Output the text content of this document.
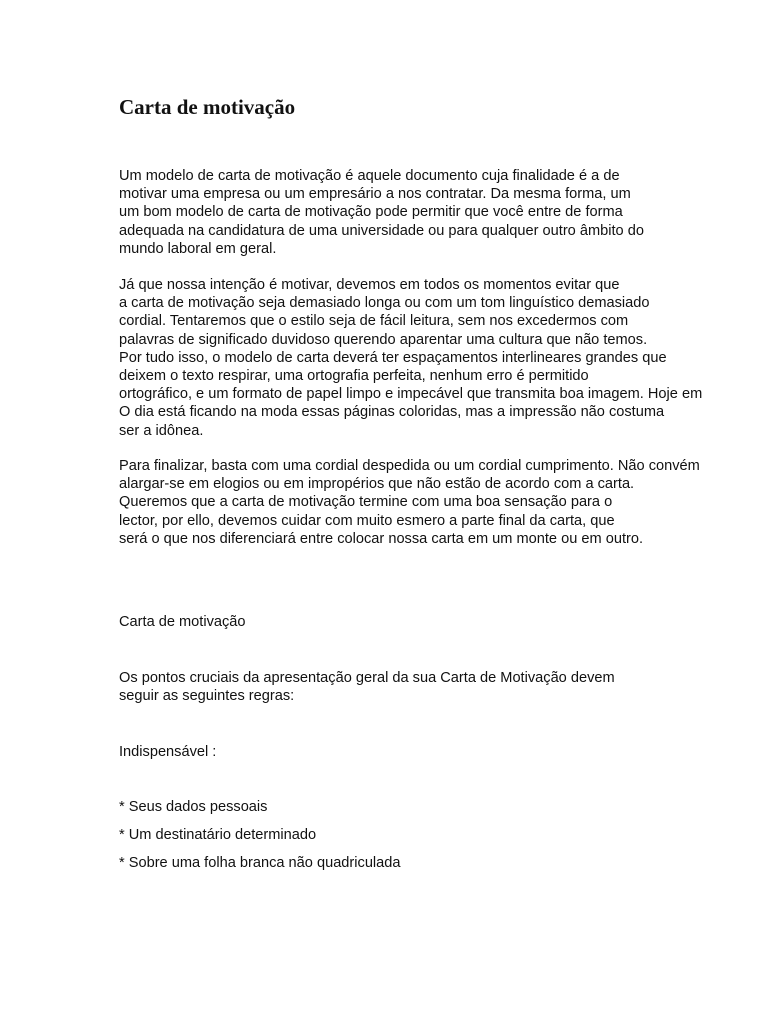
Carta de motivação
Um modelo de carta de motivação é aquele documento cuja finalidade é a de
motivar uma empresa ou um empresário a nos contratar. Da mesma forma, um
um bom modelo de carta de motivação pode permitir que você entre de forma
adequada na candidatura de uma universidade ou para qualquer outro âmbito do
mundo laboral em geral.
Já que nossa intenção é motivar, devemos em todos os momentos evitar que
a carta de motivação seja demasiado longa ou com um tom linguístico demasiado
cordial. Tentaremos que o estilo seja de fácil leitura, sem nos excedermos com
palavras de significado duvidoso querendo aparentar uma cultura que não temos.
Por tudo isso, o modelo de carta deverá ter espaçamentos interlineares grandes que
deixem o texto respirar, uma ortografia perfeita, nenhum erro é permitido
ortográfico, e um formato de papel limpo e impecável que transmita boa imagem. Hoje em
O dia está ficando na moda essas páginas coloridas, mas a impressão não costuma
ser a idônea.
Para finalizar, basta com uma cordial despedida ou um cordial cumprimento. Não convém
alargar-se em elogios ou em impropérios que não estão de acordo com a carta.
Queremos que a carta de motivação termine com uma boa sensação para o
lector, por ello, devemos cuidar com muito esmero a parte final da carta, que
será o que nos diferenciará entre colocar nossa carta em um monte ou em outro.

Carta de motivação

Os pontos cruciais da apresentação geral da sua Carta de Motivação devem
seguir as seguintes regras:

Indispensável :

* Seus dados pessoais

* Um destinatário determinado

* Sobre uma folha branca não quadriculada
